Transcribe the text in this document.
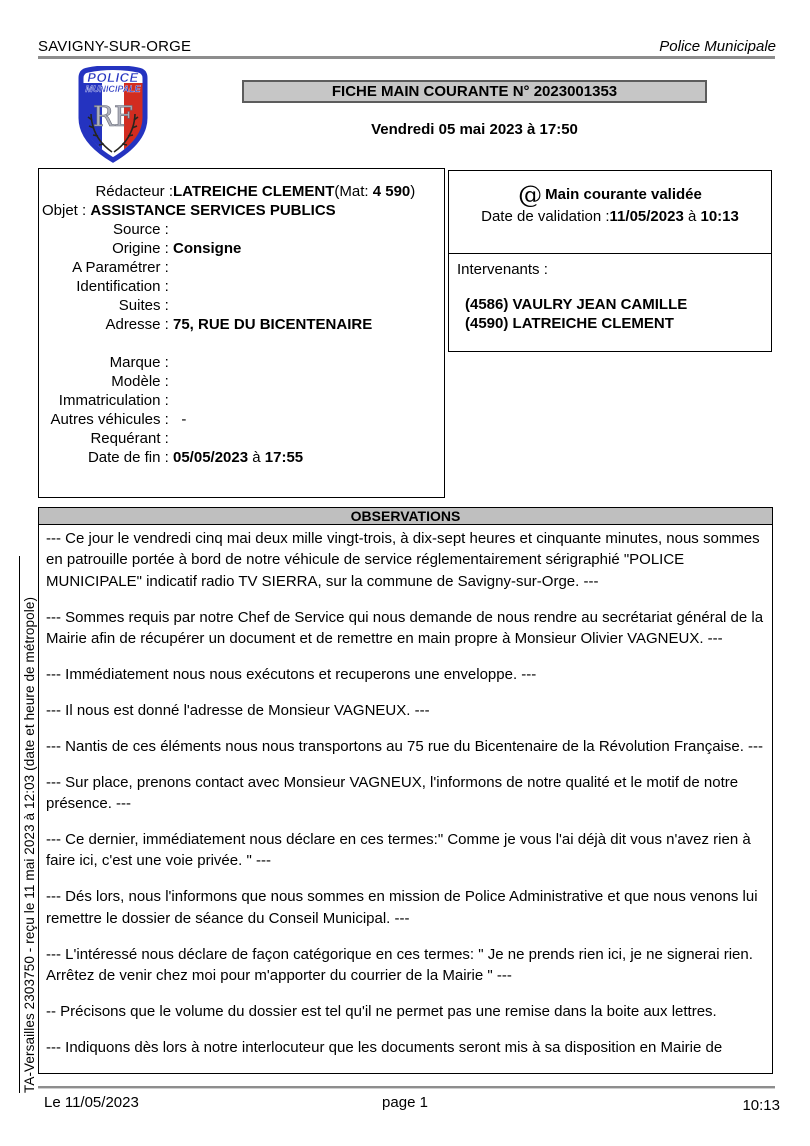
SAVIGNY-SUR-ORGE	Police Municipale
RF
POLICE
MUNICIPALE	FICHE MAIN COURANTE N° 2023001353
Vendredi 05 mai 2023 à 17:50
Rédacteur : LATREICHE CLEMENT(Mat: 4 590)
Objet : ASSISTANCE SERVICES PUBLICS
Source :
Origine : Consigne
A Paramétrer :
Identification :
Suites :
Adresse : 75, RUE DU BICENTENAIRE
Marque :
Modèle :
Immatriculation :
Autres véhicules : -
Requérant :
Date de fin : 05/05/2023 à 17:55
@ Main courante validée
Date de validation :11/05/2023 à 10:13
Intervenants :
(4586) VAULRY JEAN CAMILLE
(4590) LATREICHE CLEMENT
OBSERVATIONS

--- Ce jour le vendredi cinq mai deux mille vingt-trois, à dix-sept heures et cinquante minutes, nous sommes en patrouille portée à bord de notre véhicule de service réglementairement sérigraphié "POLICE MUNICIPALE" indicatif radio TV SIERRA, sur la commune de Savigny-sur-Orge. ---

--- Sommes requis par notre Chef de Service qui nous demande de nous rendre au secrétariat général de la Mairie afin de récupérer un document et de remettre en main propre à Monsieur Olivier VAGNEUX. ---

--- Immédiatement nous nous exécutons et recuperons une enveloppe. ---

--- Il nous est donné l'adresse de Monsieur VAGNEUX. ---

--- Nantis de ces éléments nous nous transportons au 75 rue du Bicentenaire de la Révolution Française. ---

--- Sur place, prenons contact avec Monsieur VAGNEUX, l'informons de notre qualité et le motif de notre présence. ---

--- Ce dernier, immédiatement nous déclare en ces termes:" Comme je vous l'ai déjà dit vous n'avez rien à faire ici, c'est une voie privée. " ---

--- Dés lors, nous l'informons que nous sommes en mission de Police Administrative et que nous venons lui remettre le dossier de séance du Conseil Municipal. ---

--- L'intéressé nous déclare de façon catégorique en ces termes: " Je ne prends rien ici, je ne signerai rien. Arrêtez de venir chez moi pour m'apporter du courrier de la Mairie " ---

-- Précisons que le volume du dossier est tel qu'il ne permet pas une remise dans la boite aux lettres.

--- Indiquons dès lors à notre interlocuteur que les documents seront mis à sa disposition en Mairie de

TA-Versailles 2303750 - reçu le 11 mai 2023 à 12:03 (date et heure de métropole)
Le 11/05/2023	page 1	10:13
